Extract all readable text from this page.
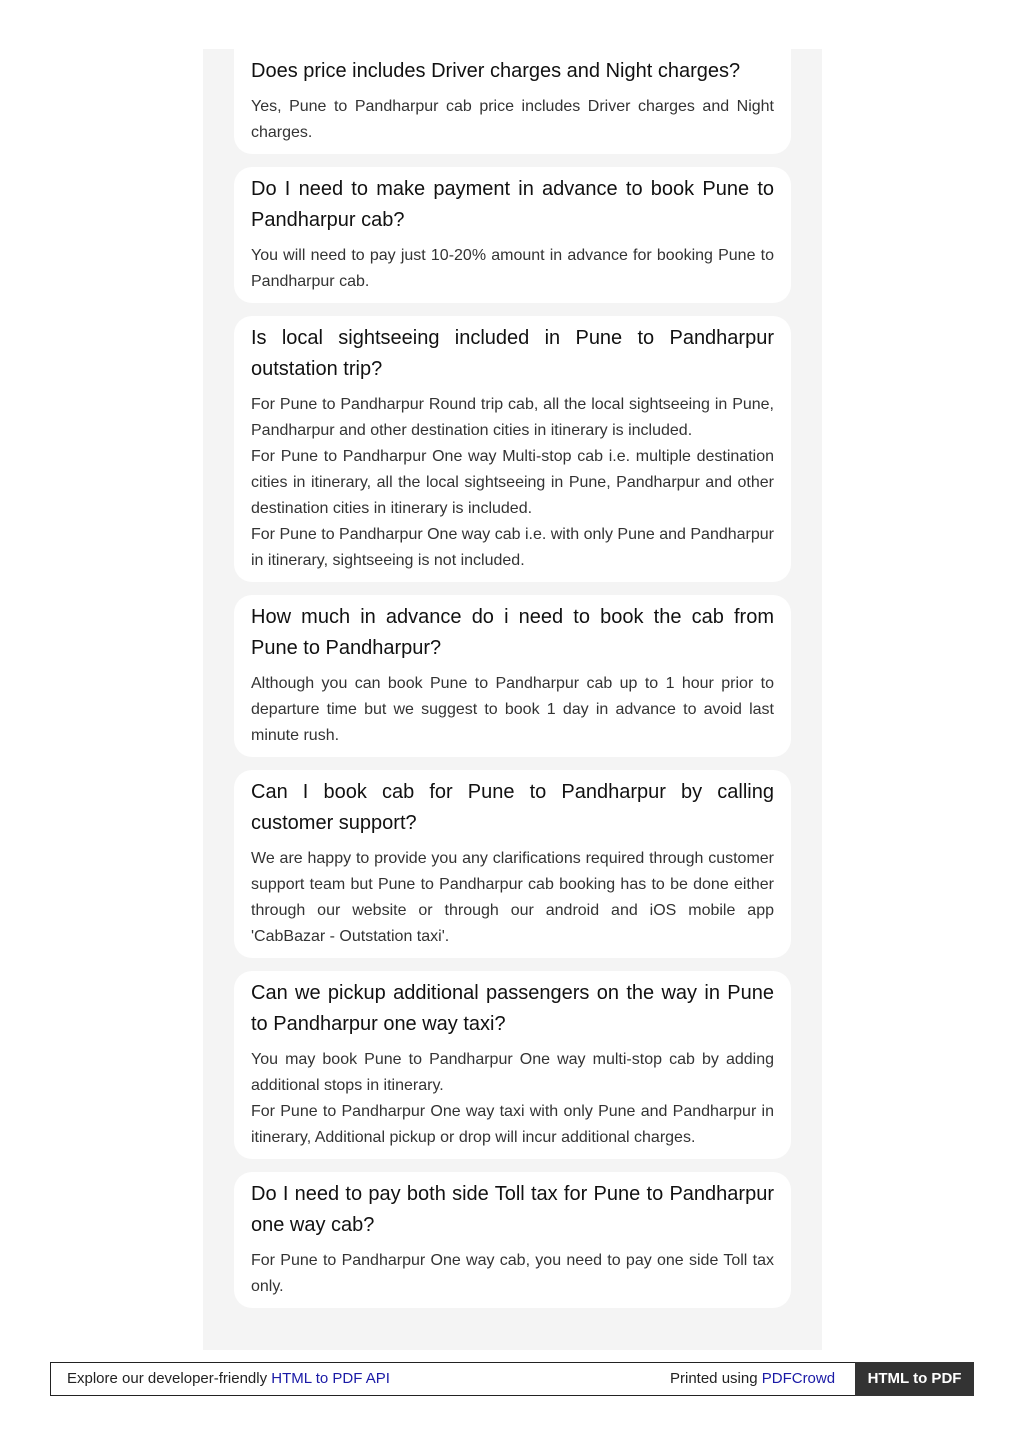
Does price includes Driver charges and Night charges?

Yes, Pune to Pandharpur cab price includes Driver charges and Night charges.

Do I need to make payment in advance to book Pune to Pandharpur cab?

You will need to pay just 10-20% amount in advance for booking Pune to Pandharpur cab.

Is local sightseeing included in Pune to Pandharpur outstation trip?

For Pune to Pandharpur Round trip cab, all the local sightseeing in Pune, Pandharpur and other destination cities in itinerary is included.

For Pune to Pandharpur One way Multi-stop cab i.e. multiple destination cities in itinerary, all the local sightseeing in Pune, Pandharpur and other destination cities in itinerary is included.

For Pune to Pandharpur One way cab i.e. with only Pune and Pandharpur in itinerary, sightseeing is not included.

How much in advance do i need to book the cab from Pune to Pandharpur?

Although you can book Pune to Pandharpur cab up to 1 hour prior to departure time but we suggest to book 1 day in advance to avoid last minute rush.

Can I book cab for Pune to Pandharpur by calling customer support?

We are happy to provide you any clarifications required through customer support team but Pune to Pandharpur cab booking has to be done either through our website or through our android and iOS mobile app 'CabBazar - Outstation taxi'.

Can we pickup additional passengers on the way in Pune to Pandharpur one way taxi?

You may book Pune to Pandharpur One way multi-stop cab by adding additional stops in itinerary.

For Pune to Pandharpur One way taxi with only Pune and Pandharpur in itinerary, Additional pickup or drop will incur additional charges.

Do I need to pay both side Toll tax for Pune to Pandharpur one way cab?

For Pune to Pandharpur One way cab, you need to pay one side Toll tax only.

Explore our developer-friendly HTML to PDF API	Printed using PDFCrowd	HTML to PDF
